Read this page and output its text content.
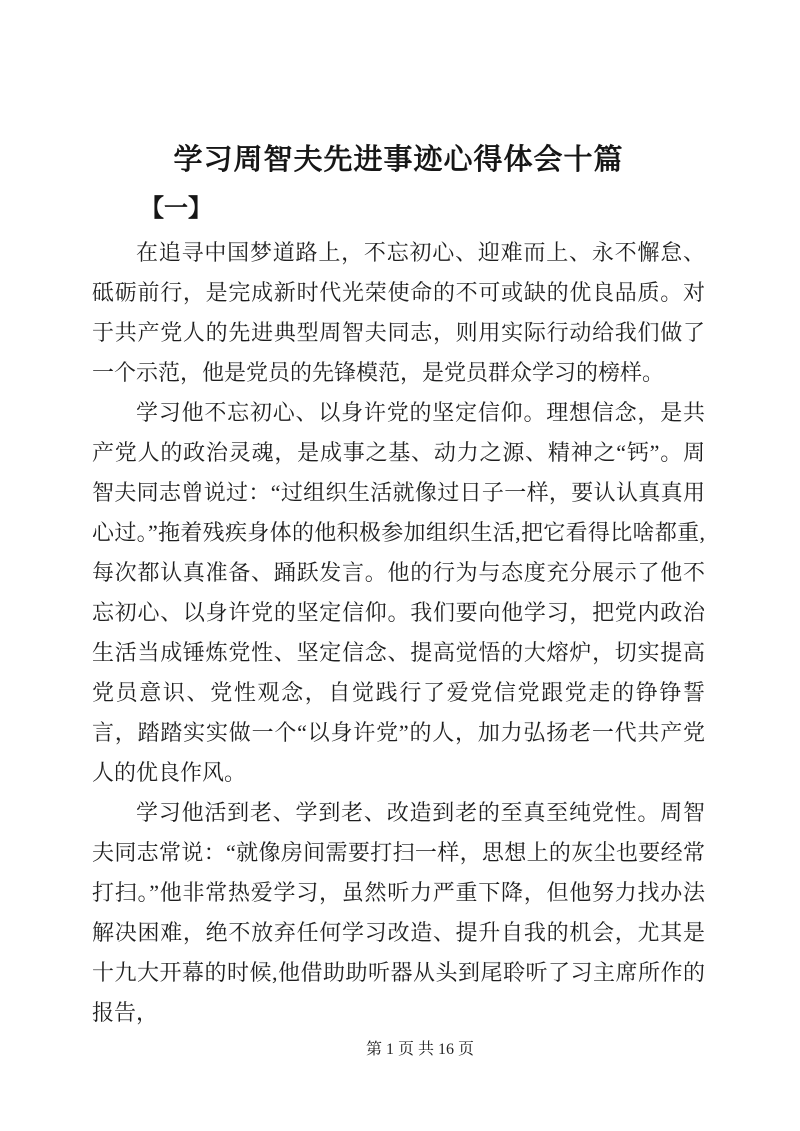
学习周智夫先进事迹心得体会十篇
【一】

在追寻中国梦道路上，不忘初心、迎难而上、永不懈怠、砥砺前行，是完成新时代光荣使命的不可或缺的优良品质。对于共产党人的先进典型周智夫同志，则用实际行动给我们做了一个示范，他是党员的先锋模范，是党员群众学习的榜样。

学习他不忘初心、以身许党的坚定信仰。理想信念，是共产党人的政治灵魂，是成事之基、动力之源、精神之“钙”。周智夫同志曾说过：“过组织生活就像过日子一样，要认认真真用心过。”拖着残疾身体的他积极参加组织生活,把它看得比啥都重,每次都认真准备、踊跃发言。他的行为与态度充分展示了他不忘初心、以身许党的坚定信仰。我们要向他学习，把党内政治生活当成锤炼党性、坚定信念、提高觉悟的大熔炉，切实提高党员意识、党性观念，自觉践行了爱党信党跟党走的铮铮誓言，踏踏实实做一个“以身许党”的人，加力弘扬老一代共产党人的优良作风。

学习他活到老、学到老、改造到老的至真至纯党性。周智夫同志常说：“就像房间需要打扫一样，思想上的灰尘也要经常打扫。”他非常热爱学习，虽然听力严重下降，但他努力找办法解决困难，绝不放弃任何学习改造、提升自我的机会，尤其是十九大开幕的时候,他借助助听器从头到尾聆听了习主席所作的报告，

第 1 页 共 16 页
